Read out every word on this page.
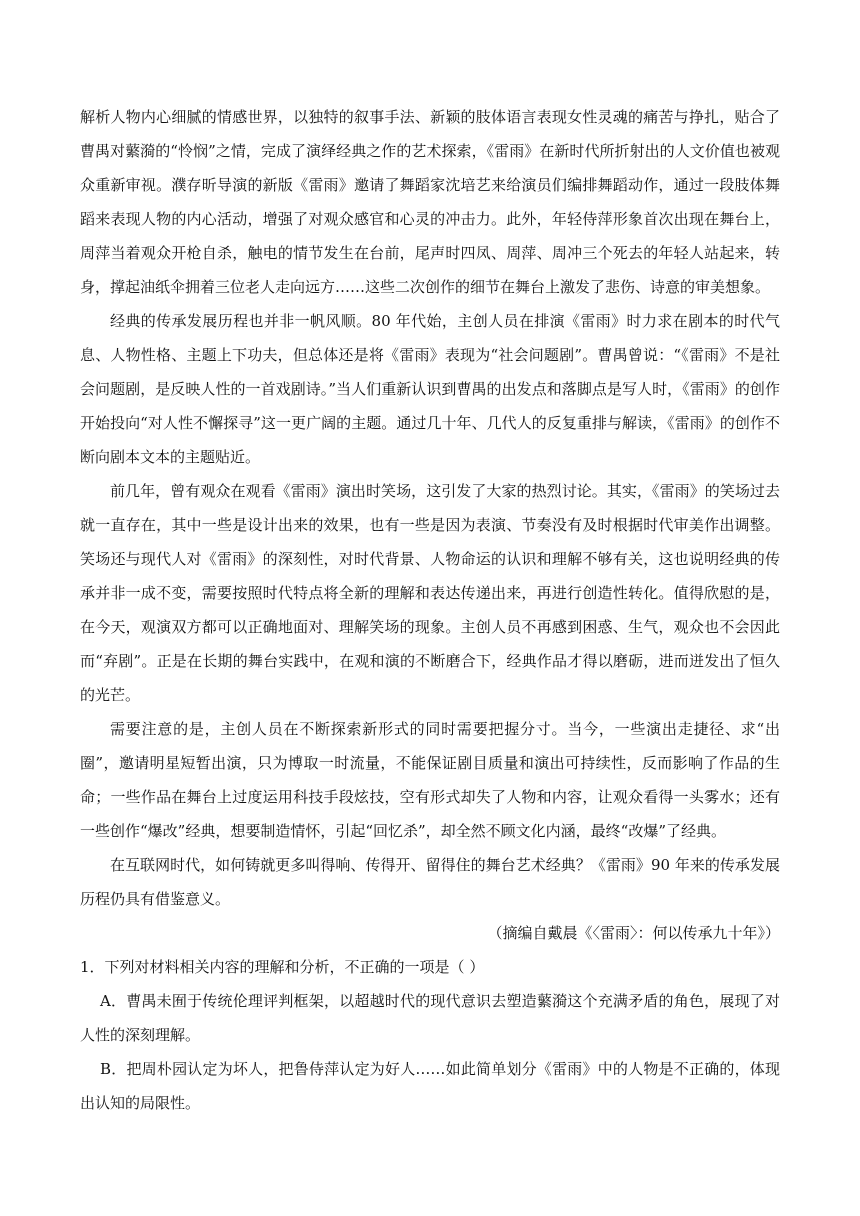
解析人物内心细腻的情感世界，以独特的叙事手法、新颖的肢体语言表现女性灵魂的痛苦与挣扎，贴合了曹禺对蘩漪的“怜悯”之情，完成了演绎经典之作的艺术探索，《雷雨》在新时代所折射出的人文价值也被观众重新审视。濮存昕导演的新版《雷雨》邀请了舞蹈家沈培艺来给演员们编排舞蹈动作，通过一段肢体舞蹈来表现人物的内心活动，增强了对观众感官和心灵的冲击力。此外，年轻侍萍形象首次出现在舞台上，周萍当着观众开枪自杀，触电的情节发生在台前，尾声时四凤、周萍、周冲三个死去的年轻人站起来，转身，撑起油纸伞拥着三位老人走向远方……这些二次创作的细节在舞台上激发了悲伤、诗意的审美想象。

经典的传承发展历程也并非一帆风顺。80 年代始，主创人员在排演《雷雨》时力求在剧本的时代气息、人物性格、主题上下功夫，但总体还是将《雷雨》表现为“社会问题剧”。曹禺曾说：“《雷雨》不是社会问题剧，是反映人性的一首戏剧诗。”当人们重新认识到曹禺的出发点和落脚点是写人时，《雷雨》的创作开始投向“对人性不懈探寻”这一更广阔的主题。通过几十年、几代人的反复重排与解读，《雷雨》的创作不断向剧本文本的主题贴近。

前几年，曾有观众在观看《雷雨》演出时笑场，这引发了大家的热烈讨论。其实，《雷雨》的笑场过去就一直存在，其中一些是设计出来的效果，也有一些是因为表演、节奏没有及时根据时代审美作出调整。笑场还与现代人对《雷雨》的深刻性，对时代背景、人物命运的认识和理解不够有关，这也说明经典的传承并非一成不变，需要按照时代特点将全新的理解和表达传递出来，再进行创造性转化。值得欣慰的是，在今天，观演双方都可以正确地面对、理解笑场的现象。主创人员不再感到困惑、生气，观众也不会因此而“弃剧”。正是在长期的舞台实践中，在观和演的不断磨合下，经典作品才得以磨砺，进而迸发出了恒久的光芒。

需要注意的是，主创人员在不断探索新形式的同时需要把握分寸。当今，一些演出走捷径、求“出圈”，邀请明星短暂出演，只为博取一时流量，不能保证剧目质量和演出可持续性，反而影响了作品的生命；一些作品在舞台上过度运用科技手段炫技，空有形式却失了人物和内容，让观众看得一头雾水；还有一些创作“爆改”经典，想要制造情怀，引起“回忆杀”，却全然不顾文化内涵，最终“改爆”了经典。

在互联网时代，如何铸就更多叫得响、传得开、留得住的舞台艺术经典？《雷雨》90 年来的传承发展历程仍具有借鉴意义。

（摘编自戴晨《〈雷雨〉：何以传承九十年》）

1．下列对材料相关内容的理解和分析，不正确的一项是（ ）

A．曹禺未囿于传统伦理评判框架，以超越时代的现代意识去塑造蘩漪这个充满矛盾的角色，展现了对人性的深刻理解。

B．把周朴园认定为坏人，把鲁侍萍认定为好人……如此简单划分《雷雨》中的人物是不正确的，体现出认知的局限性。
